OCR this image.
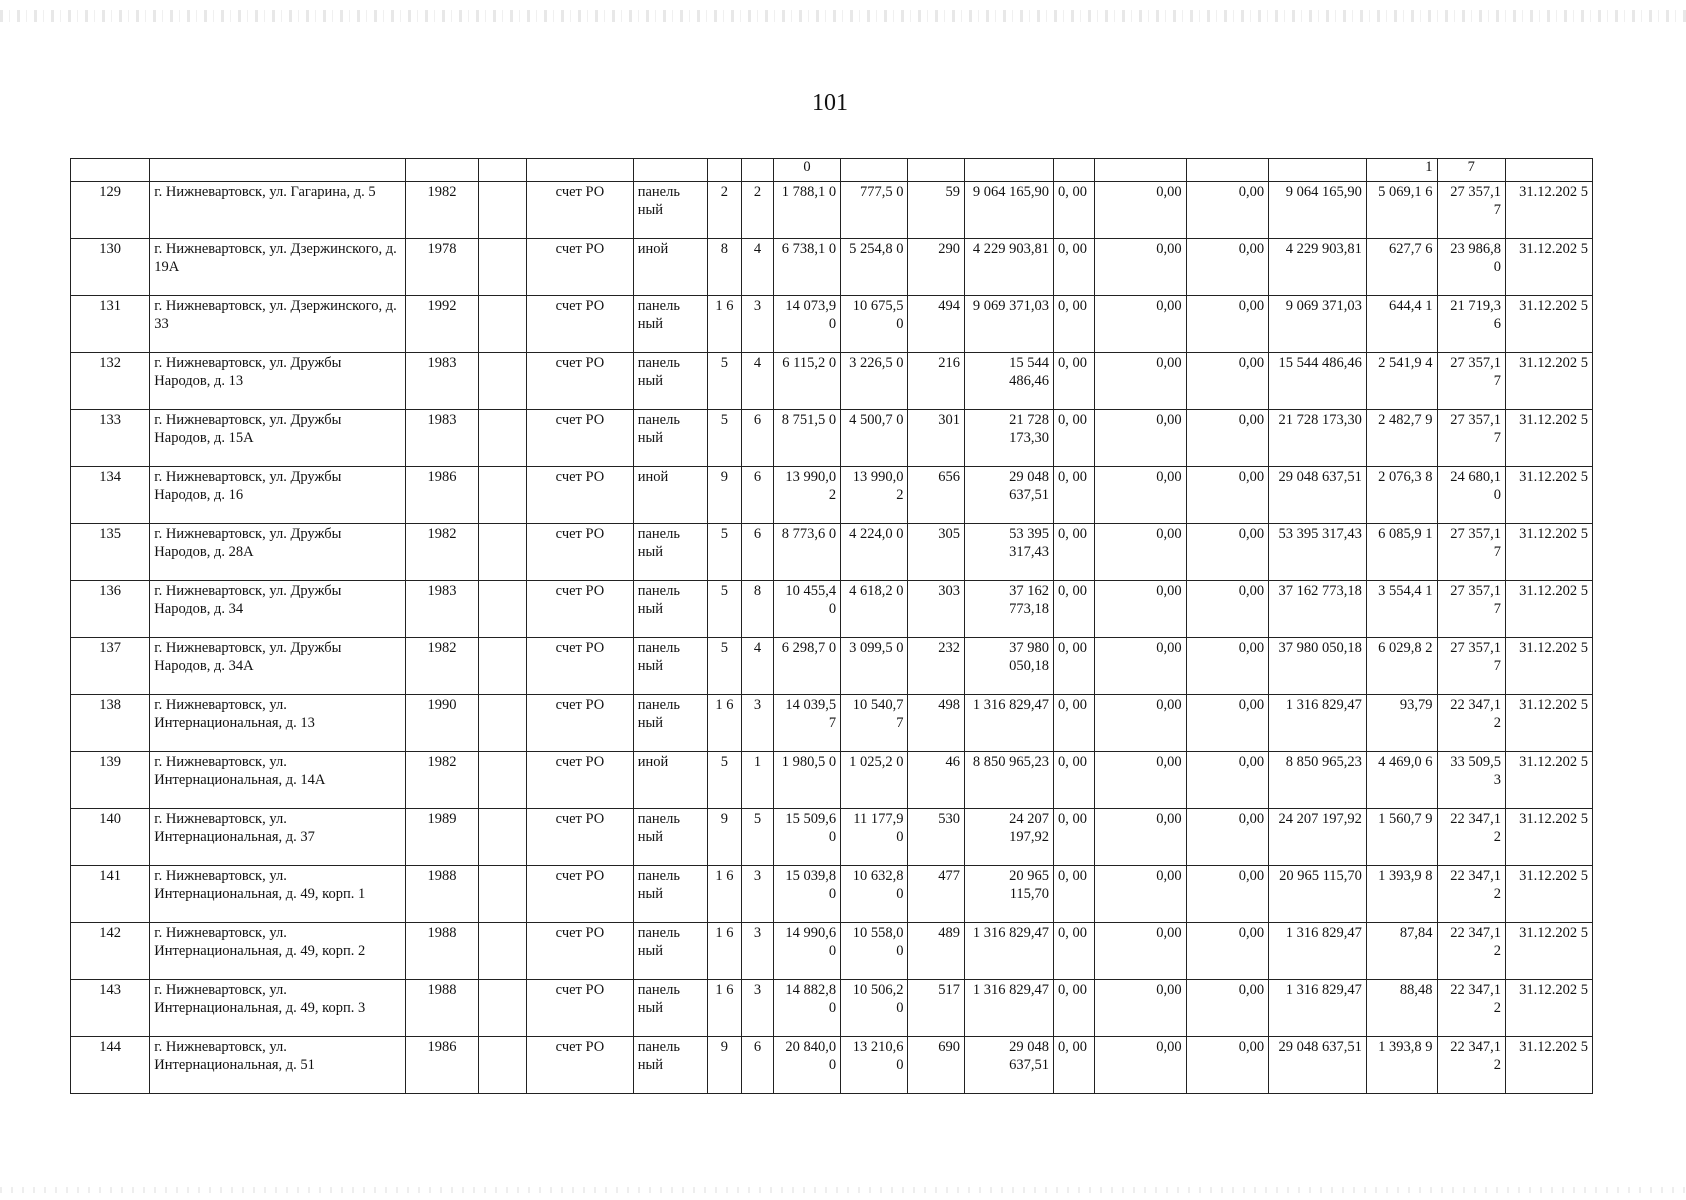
101
								0								1	7	
129	г. Нижневартовск, ул. Гагарина, д. 5	1982		счет РО	панель ный	2	2	1 788,1 0	777,5 0	59	9 064 165,90	0, 00	0,00	0,00	9 064 165,90	5 069,1 6	27 357,1 7	31.12.202 5
130	г. Нижневартовск, ул. Дзержинского, д. 19А	1978		счет РО	иной	8	4	6 738,1 0	5 254,8 0	290	4 229 903,81	0, 00	0,00	0,00	4 229 903,81	627,7 6	23 986,8 0	31.12.202 5
131	г. Нижневартовск, ул. Дзержинского, д. 33	1992		счет РО	панель ный	1 6	3	14 073,9 0	10 675,5 0	494	9 069 371,03	0, 00	0,00	0,00	9 069 371,03	644,4 1	21 719,3 6	31.12.202 5
132	г. Нижневартовск, ул. Дружбы Народов, д. 13	1983		счет РО	панель ный	5	4	6 115,2 0	3 226,5 0	216	15 544 486,46	0, 00	0,00	0,00	15 544 486,46	2 541,9 4	27 357,1 7	31.12.202 5
133	г. Нижневартовск, ул. Дружбы Народов, д. 15А	1983		счет РО	панель ный	5	6	8 751,5 0	4 500,7 0	301	21 728 173,30	0, 00	0,00	0,00	21 728 173,30	2 482,7 9	27 357,1 7	31.12.202 5
134	г. Нижневартовск, ул. Дружбы Народов, д. 16	1986		счет РО	иной	9	6	13 990,0 2	13 990,0 2	656	29 048 637,51	0, 00	0,00	0,00	29 048 637,51	2 076,3 8	24 680,1 0	31.12.202 5
135	г. Нижневартовск, ул. Дружбы Народов, д. 28А	1982		счет РО	панель ный	5	6	8 773,6 0	4 224,0 0	305	53 395 317,43	0, 00	0,00	0,00	53 395 317,43	6 085,9 1	27 357,1 7	31.12.202 5
136	г. Нижневартовск, ул. Дружбы Народов, д. 34	1983		счет РО	панель ный	5	8	10 455,4 0	4 618,2 0	303	37 162 773,18	0, 00	0,00	0,00	37 162 773,18	3 554,4 1	27 357,1 7	31.12.202 5
137	г. Нижневартовск, ул. Дружбы Народов, д. 34А	1982		счет РО	панель ный	5	4	6 298,7 0	3 099,5 0	232	37 980 050,18	0, 00	0,00	0,00	37 980 050,18	6 029,8 2	27 357,1 7	31.12.202 5
138	г. Нижневартовск, ул. Интернациональная, д. 13	1990		счет РО	панель ный	1 6	3	14 039,5 7	10 540,7 7	498	1 316 829,47	0, 00	0,00	0,00	1 316 829,47	93,79	22 347,1 2	31.12.202 5
139	г. Нижневартовск, ул. Интернациональная, д. 14А	1982		счет РО	иной	5	1	1 980,5 0	1 025,2 0	46	8 850 965,23	0, 00	0,00	0,00	8 850 965,23	4 469,0 6	33 509,5 3	31.12.202 5
140	г. Нижневартовск, ул. Интернациональная, д. 37	1989		счет РО	панель ный	9	5	15 509,6 0	11 177,9 0	530	24 207 197,92	0, 00	0,00	0,00	24 207 197,92	1 560,7 9	22 347,1 2	31.12.202 5
141	г. Нижневартовск, ул. Интернациональная, д. 49, корп. 1	1988		счет РО	панель ный	1 6	3	15 039,8 0	10 632,8 0	477	20 965 115,70	0, 00	0,00	0,00	20 965 115,70	1 393,9 8	22 347,1 2	31.12.202 5
142	г. Нижневартовск, ул. Интернациональная, д. 49, корп. 2	1988		счет РО	панель ный	1 6	3	14 990,6 0	10 558,0 0	489	1 316 829,47	0, 00	0,00	0,00	1 316 829,47	87,84	22 347,1 2	31.12.202 5
143	г. Нижневартовск, ул. Интернациональная, д. 49, корп. 3	1988		счет РО	панель ный	1 6	3	14 882,8 0	10 506,2 0	517	1 316 829,47	0, 00	0,00	0,00	1 316 829,47	88,48	22 347,1 2	31.12.202 5
144	г. Нижневартовск, ул. Интернациональная, д. 51	1986		счет РО	панель ный	9	6	20 840,0 0	13 210,6 0	690	29 048 637,51	0, 00	0,00	0,00	29 048 637,51	1 393,8 9	22 347,1 2	31.12.202 5
